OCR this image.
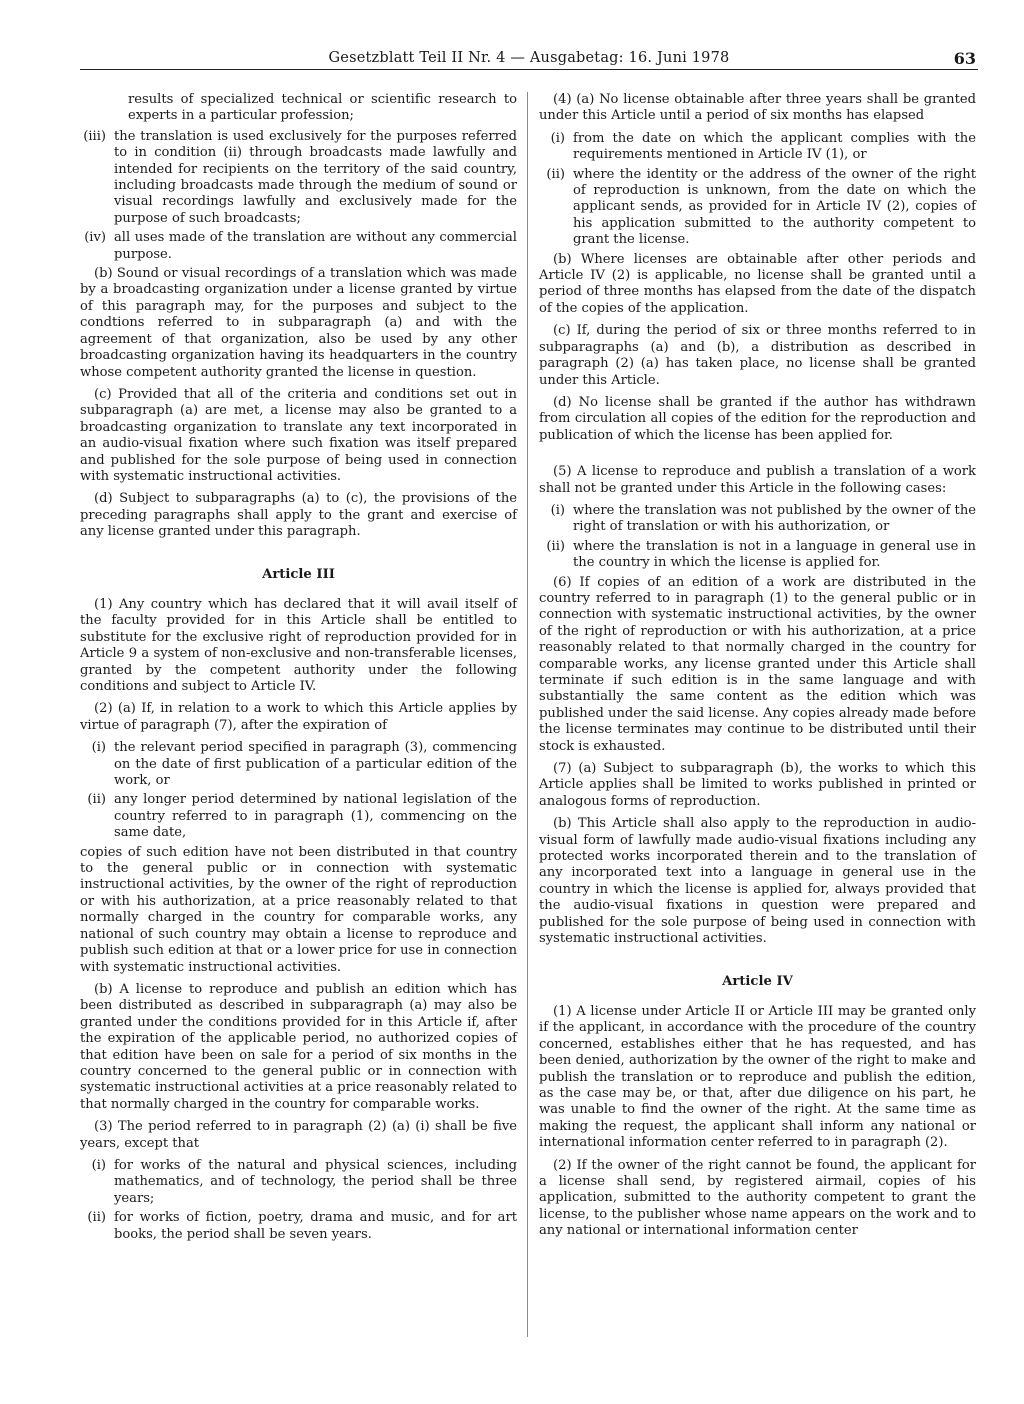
Gesetzblatt Teil II Nr. 4 — Ausgabetag: 16. Juni 1978	63
results of specialized technical or scientific research to experts in a particular profession;
(iii) the translation is used exclusively for the purposes referred to in condition (ii) through broadcasts made lawfully and intended for recipients on the territory of the said country, including broadcasts made through the medium of sound or visual recordings lawfully and exclusively made for the purpose of such broadcasts;
(iv) all uses made of the translation are without any commercial purpose.

(b) Sound or visual recordings of a translation which was made by a broadcasting organization under a license granted by virtue of this paragraph may, for the purposes and subject to the condtions referred to in subparagraph (a) and with the agreement of that organization, also be used by any other broadcasting organization having its headquarters in the country whose competent authority granted the license in question.

(c) Provided that all of the criteria and conditions set out in subparagraph (a) are met, a license may also be granted to a broadcasting organization to translate any text incorporated in an audio-visual fixation where such fixation was itself prepared and published for the sole purpose of being used in connection with systematic instructional activities.

(d) Subject to subparagraphs (a) to (c), the provisions of the preceding paragraphs shall apply to the grant and exercise of any license granted under this paragraph.

Article III

(1) Any country which has declared that it will avail itself of the faculty provided for in this Article shall be entitled to substitute for the exclusive right of reproduction provided for in Article 9 a system of non-exclusive and non-transferable licenses, granted by the competent authority under the following conditions and subject to Article IV.

(2) (a) If, in relation to a work to which this Article applies by virtue of paragraph (7), after the expiration of

(i) the relevant period specified in paragraph (3), commencing on the date of first publication of a particular edition of the work, or
(ii) any longer period determined by national legislation of the country referred to in paragraph (1), commencing on the same date,

copies of such edition have not been distributed in that country to the general public or in connection with systematic instructional activities, by the owner of the right of reproduction or with his authorization, at a price reasonably related to that normally charged in the country for comparable works, any national of such country may obtain a license to reproduce and publish such edition at that or a lower price for use in connection with systematic instructional activities.

(b) A license to reproduce and publish an edition which has been distributed as described in subparagraph (a) may also be granted under the conditions provided for in this Article if, after the expiration of the applicable period, no authorized copies of that edition have been on sale for a period of six months in the country concerned to the general public or in connection with systematic instructional activities at a price reasonably related to that normally charged in the country for comparable works.

(3) The period referred to in paragraph (2) (a) (i) shall be five years, except that

(i) for works of the natural and physical sciences, including mathematics, and of technology, the period shall be three years;
(ii) for works of fiction, poetry, drama and music, and for art books, the period shall be seven years.

(4) (a) No license obtainable after three years shall be granted under this Article until a period of six months has elapsed

(i) from the date on which the applicant complies with the requirements mentioned in Article IV (1), or
(ii) where the identity or the address of the owner of the right of reproduction is unknown, from the date on which the applicant sends, as provided for in Article IV (2), copies of his application submitted to the authority competent to grant the license.

(b) Where licenses are obtainable after other periods and Article IV (2) is applicable, no license shall be granted until a period of three months has elapsed from the date of the dispatch of the copies of the application.

(c) If, during the period of six or three months referred to in subparagraphs (a) and (b), a distribution as described in paragraph (2) (a) has taken place, no license shall be granted under this Article.

(d) No license shall be granted if the author has withdrawn from circulation all copies of the edition for the reproduction and publication of which the license has been applied for.

(5) A license to reproduce and publish a translation of a work shall not be granted under this Article in the following cases:

(i) where the translation was not published by the owner of the right of translation or with his authorization, or
(ii) where the translation is not in a language in general use in the country in which the license is applied for.

(6) If copies of an edition of a work are distributed in the country referred to in paragraph (1) to the general public or in connection with systematic instructional activities, by the owner of the right of reproduction or with his authorization, at a price reasonably related to that normally charged in the country for comparable works, any license granted under this Article shall terminate if such edition is in the same language and with substantially the same content as the edition which was published under the said license. Any copies already made before the license terminates may continue to be distributed until their stock is exhausted.

(7) (a) Subject to subparagraph (b), the works to which this Article applies shall be limited to works published in printed or analogous forms of reproduction.

(b) This Article shall also apply to the reproduction in audio-visual form of lawfully made audio-visual fixations including any protected works incorporated therein and to the translation of any incorporated text into a language in general use in the country in which the license is applied for, always provided that the audio-visual fixations in question were prepared and published for the sole purpose of being used in connection with systematic instructional activities.

Article IV

(1) A license under Article II or Article III may be granted only if the applicant, in accordance with the procedure of the country concerned, establishes either that he has requested, and has been denied, authorization by the owner of the right to make and publish the translation or to reproduce and publish the edition, as the case may be, or that, after due diligence on his part, he was unable to find the owner of the right. At the same time as making the request, the applicant shall inform any national or international information center referred to in paragraph (2).

(2) If the owner of the right cannot be found, the applicant for a license shall send, by registered airmail, copies of his application, submitted to the authority competent to grant the license, to the publisher whose name appears on the work and to any national or international information center
